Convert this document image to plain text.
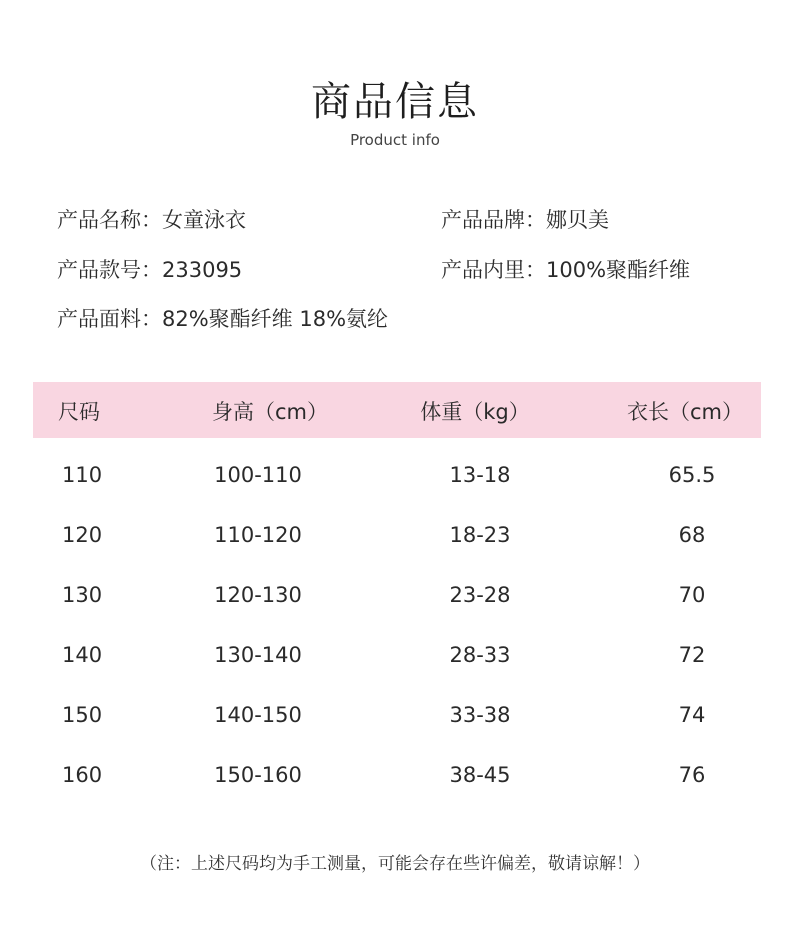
商品信息
Product info
产品名称：女童泳衣	产品品牌：娜贝美
产品款号：233095	产品内里：100%聚酯纤维
产品面料：82%聚酯纤维 18%氨纶
尺码	身高（cm）	体重（kg）	衣长（cm）
110	100-110	13-18	65.5
120	110-120	18-23	68
130	120-130	23-28	70
140	130-140	28-33	72
150	140-150	33-38	74
160	150-160	38-45	76
（注：上述尺码均为手工测量，可能会存在些许偏差，敬请谅解！）
